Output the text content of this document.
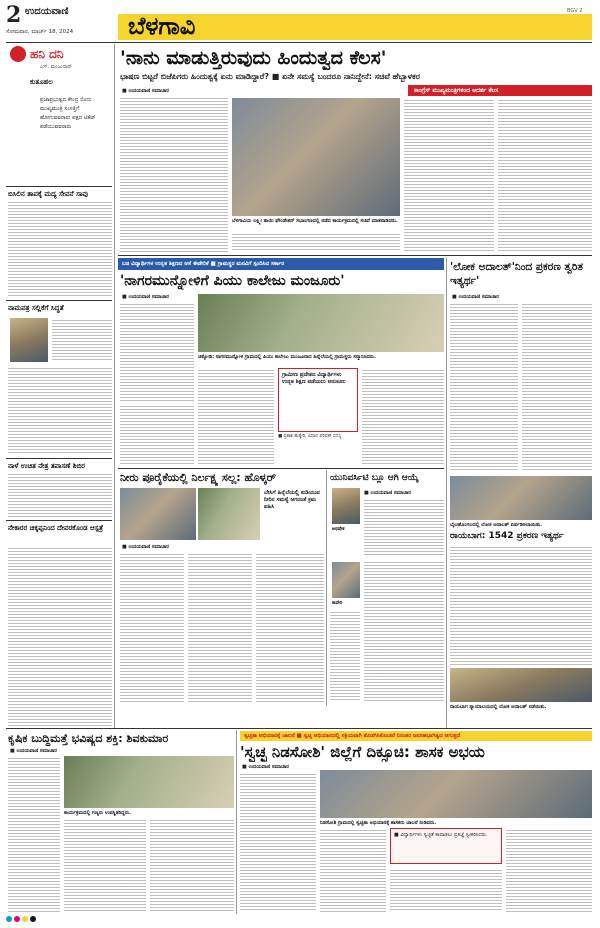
2 ಉದಯವಾಣಿ
ಸೋಮವಾರ, ಮಾರ್ಚ್ 18, 2024
BGV 2
ಬೆಳಗಾವಿ
ಹನಿ ದನಿ
ಎಸ್. ಮಂಜುನಾಥ್
ಕುತೂಹಲ
ಪ್ರಜಾಪ್ರಭುತ್ವದ ಕೇಂದ್ರ ಬಿಂದು ಮುಖ್ಯಮಂತ್ರಿ ಸಂಸತ್ತಿಗೆ ಹೋಗುವವರಾರು ಪಕ್ಷದ ಟಿಕೆಟ್ ಪಡೆಯುವವರಾರು
ಬಿಸಿಲಿನ ತಾಪಕ್ಕೆ ಮದ್ಯ ಸೇವನೆ ಸಾವು
ನಾಮಪತ್ರ ಸಲ್ಲಿಕೆಗೆ ಸಿದ್ಧತೆ
ನಾಳೆ ಉಚಿತ ನೇತ್ರ ತಪಾಸಣೆ ಶಿಬಿರ
ನೇಕಾರರ ಚಿಕ್ಕಪ್ಪನಿಂದ ದೇವರಕೊಂಡ ಆಸ್ಪತ್ರೆ
'ನಾನು ಮಾಡುತ್ತಿರುವುದು ಹಿಂದುತ್ವದ ಕೆಲಸ'
ಭಾಷಣ ಬಿಟ್ಟರೆ ಬಿಜೆಪಿಗರು ಹಿಂದುತ್ವಕ್ಕೆ ಏನು ಮಾಡಿದ್ದಾರೆ? ■ ಏನೇ ಸಮಸ್ಯೆ ಬಂದರೂ ನಾನಿದ್ದೇನೆ: ಸಚಿವೆ ಹೆಬ್ಬಾಳಕರ
ಕಾಂಗ್ರೆಸ್ ಮುಖ್ಯಮಂತ್ರಿಗಳಿಂದ ಆದರ್ಶ ಕೆಲಸ
■ ಉದಯವಾಣಿ ಸಮಾಚಾರ
ಬೆಳಗಾವಿಯ ಲಕ್ಷ್ಮೀ ತಾಯಿ ಫೌಂಡೇಶನ್ ಸಭಾಂಗಣದಲ್ಲಿ ನಡೆದ ಕಾರ್ಯಕ್ರಮದಲ್ಲಿ ಸಚಿವೆ ಮಾತನಾಡಿದರು.
ಬಡ ವಿದ್ಯಾರ್ಥಿಗಳ ಉನ್ನತ ಶಿಕ್ಷಣದ ಆಸೆ ಈಡೇರಿಕೆ ■ ಗ್ರಾಮಸ್ಥರ ಮನವಿಗೆ ಸ್ಪಂದಿಸಿದ ಸರ್ಕಾರ
'ನಾಗರಮುನ್ನೋಳಿಗೆ ಪಿಯು ಕಾಲೇಜು ಮಂಜೂರು'
■ ಉದಯವಾಣಿ ಸಮಾಚಾರ
ಚಿಕ್ಕೋಡಿ: ನಾಗರಮುನ್ನೋಳಿ ಗ್ರಾಮದಲ್ಲಿ ಪಿಯು ಕಾಲೇಜು ಮಂಜೂರಾದ ಹಿನ್ನೆಲೆಯಲ್ಲಿ ಗ್ರಾಮಸ್ಥರು ಸನ್ಮಾನಿಸಿದರು.
ಗ್ರಾಮೀಣ ಪ್ರದೇಶದ ವಿದ್ಯಾರ್ಥಿಗಳು ಉನ್ನತ ಶಿಕ್ಷಣ ಪಡೆಯಲು ಅನುಕೂಲ
■ ಪ್ರಕಾಶ ಹುಕ್ಕೇರಿ, ವಿಧಾನ ಪರಿಷತ್ ಸದಸ್ಯ
'ಲೋಕ ಅದಾಲತ್'ನಿಂದ ಪ್ರಕರಣ ತ್ವರಿತ ಇತ್ಯರ್ಥ'
■ ಉದಯವಾಣಿ ಸಮಾಚಾರ
ಬೈಲಹೊಂಗಲದಲ್ಲಿ ಲೋಕ ಅದಾಲತ್ ಏರ್ಪಡಿಸಲಾಯಿತು.
ರಾಯಬಾಗ: 1542 ಪ್ರಕರಣ ಇತ್ಯರ್ಥ
ರಾಯಬಾಗ ನ್ಯಾಯಾಲಯದಲ್ಲಿ ಲೋಕ ಅದಾಲತ್ ನಡೆಯಿತು.
ನೀರು ಪೂರೈಕೆಯಲ್ಲಿ ನಿರ್ಲಕ್ಷ್ಯ ಸಲ್ಲ: ಹೊಳ್ಕರ್
ಬೇಸಿಗೆ ಹಿನ್ನೆಲೆಯಲ್ಲಿ ಕುಡಿಯುವ ನೀರಿನ ಸಮಸ್ಯೆ ಆಗದಂತೆ ಕ್ರಮ ವಹಿಸಿ
■ ಉದಯವಾಣಿ ಸಮಾಚಾರ
ಯುನಿವರ್ಸಿಟಿ ಬ್ಲೂ ಆಗಿ ಆಯ್ಕೆ
ಅಭಿಷೇಕ
■ ಉದಯವಾಣಿ ಸಮಾಚಾರ
ಕಾವೇರಿ
ಕೃಷಿಕ ಬುದ್ಧಿಮತ್ತೆ ಭವಿಷ್ಯದ ಶಕ್ತಿ: ಶಿವಕುಮಾರ
■ ಉದಯವಾಣಿ ಸಮಾಚಾರ
ಕಾರ್ಯಕ್ರಮದಲ್ಲಿ ಗಣ್ಯರು ಉಪಸ್ಥಿತರಿದ್ದರು.
ಸ್ವಚ್ಛತಾ ಅಭಿಯಾನಕ್ಕೆ ಚಾಲನೆ ■ ಸ್ವಚ್ಛ ಅಭಿಯಾನದಲ್ಲಿ ಸಕ್ರಿಯವಾಗಿ ತೊಡಗಿಸಿಕೊಂಡರೆ ನಿರಂತರ ಜನಸಹಭಾಗಿತ್ವದ ಆಗುತ್ತದೆ
'ಸ್ವಚ್ಛ ನಿಡಸೋಶಿ' ಜಿಲ್ಲೆಗೆ ದಿಕ್ಸೂಚಿ: ಶಾಸಕ ಅಭಯ
■ ಉದಯವಾಣಿ ಸಮಾಚಾರ
ನಿಡಸೋಶಿ ಗ್ರಾಮದಲ್ಲಿ ಸ್ವಚ್ಛತಾ ಅಭಿಯಾನಕ್ಕೆ ಶಾಸಕರು ಚಾಲನೆ ನೀಡಿದರು.
■ ವಿದ್ಯಾರ್ಥಿಗಳು ಸ್ವಚ್ಛತೆ ಕಾಪಾಡಲು ಪ್ರತಿಜ್ಞೆ ಸ್ವೀಕರಿಸಿದರು.
